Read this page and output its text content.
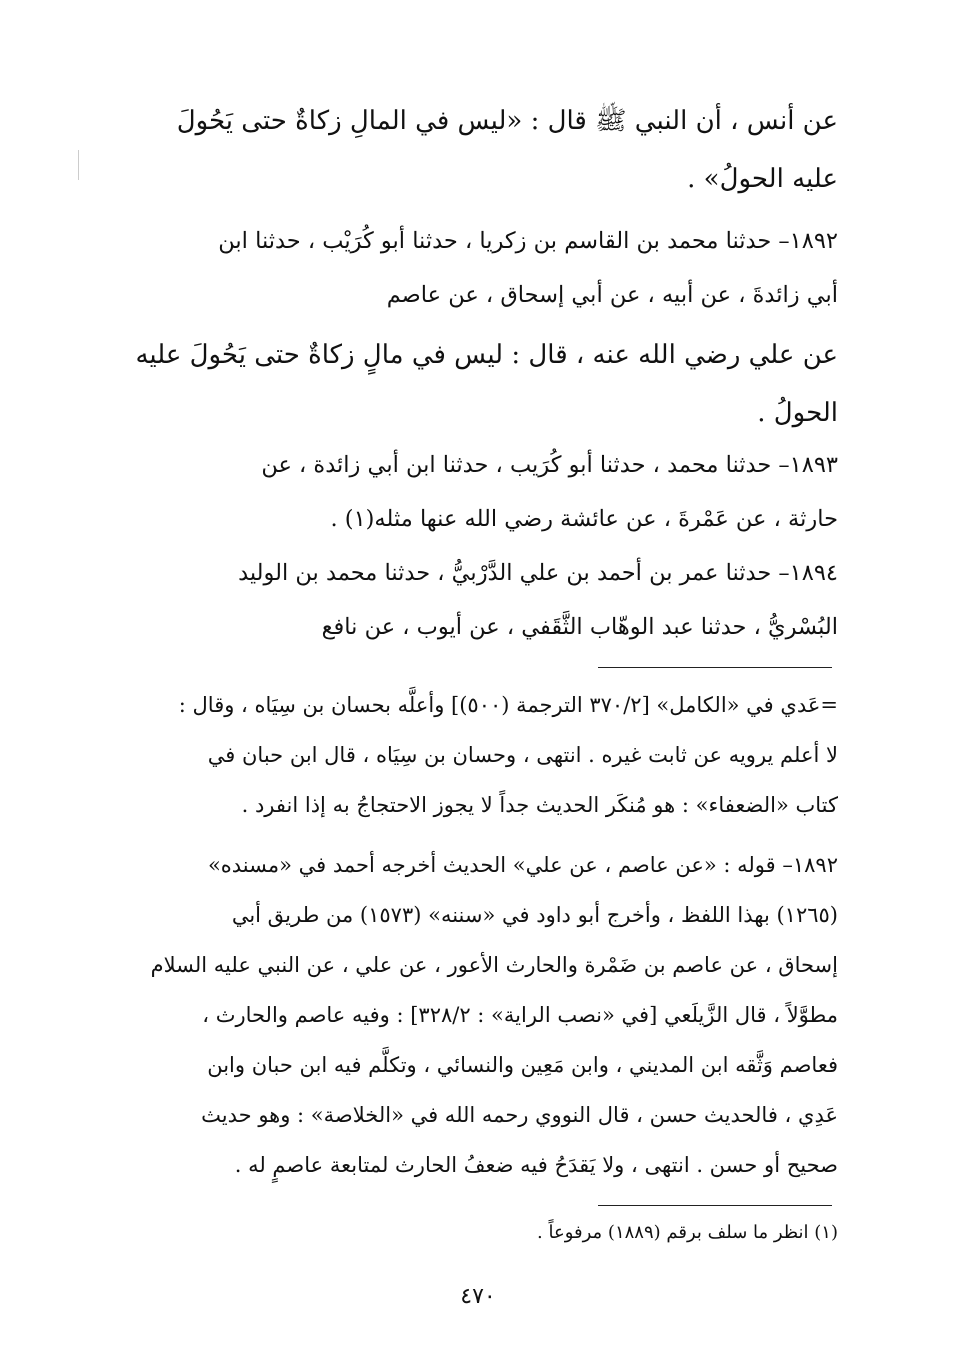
عن أنس ، أن النبي ﷺ قال : «ليس في المالِ زكاةٌ حتى يَحُولَ
عليه الحولُ» .
١٨٩٢– حدثنا محمد بن القاسم بن زكريا ، حدثنا أبو كُرَيْب ، حدثنا ابن
أبي زائدةَ ، عن أبيه ، عن أبي إسحاق ، عن عاصم
عن علي رضي الله عنه ، قال : ليس في مالٍ زكاةٌ حتى يَحُولَ عليه
الحولُ .
١٨٩٣– حدثنا محمد ، حدثنا أبو كُرَيب ، حدثنا ابن أبي زائدة ، عن
حارثة ، عن عَمْرةَ ، عن عائشة رضي الله عنها مثله(١) .
١٨٩٤– حدثنا عمر بن أحمد بن علي الدَّرْبيُّ ، حدثنا محمد بن الوليد
البُسْريُّ ، حدثنا عبد الوهّاب الثَّقَفي ، عن أيوب ، عن نافع
=عَدي في «الكامل» [٣٧٠/٢ الترجمة (٥٠٠)] وأعلَّه بحسان بن سِيَاه ، وقال :
لا أعلم يرويه عن ثابت غيره . انتهى ، وحسان بن سِيَاه ، قال ابن حبان في
كتاب «الضعفاء» : هو مُنكَر الحديث جداً لا يجوز الاحتجاجُ به إذا انفرد .
١٨٩٢– قوله : «عن عاصم ، عن علي» الحديث أخرجه أحمد في «مسنده»
(١٢٦٥) بهذا اللفظ ، وأخرج أبو داود في «سننه» (١٥٧٣) من طريق أبي
إسحاق ، عن عاصم بن ضَمْرة والحارث الأعور ، عن علي ، عن النبي عليه السلام
مطوَّلاً ، قال الزَّيلَعي [في «نصب الراية» : ٣٢٨/٢] : وفيه عاصم والحارث ،
فعاصم وَثَّقه ابن المديني ، وابن مَعِين والنسائي ، وتكلَّم فيه ابن حبان وابن
عَدِي ، فالحديث حسن ، قال النووي رحمه الله في «الخلاصة» : وهو حديث
صحيح أو حسن . انتهى ، ولا يَقدَحُ فيه ضعفُ الحارث لمتابعة عاصمٍ له .
(١) انظر ما سلف برقم (١٨٨٩) مرفوعاً .
٤٧٠
